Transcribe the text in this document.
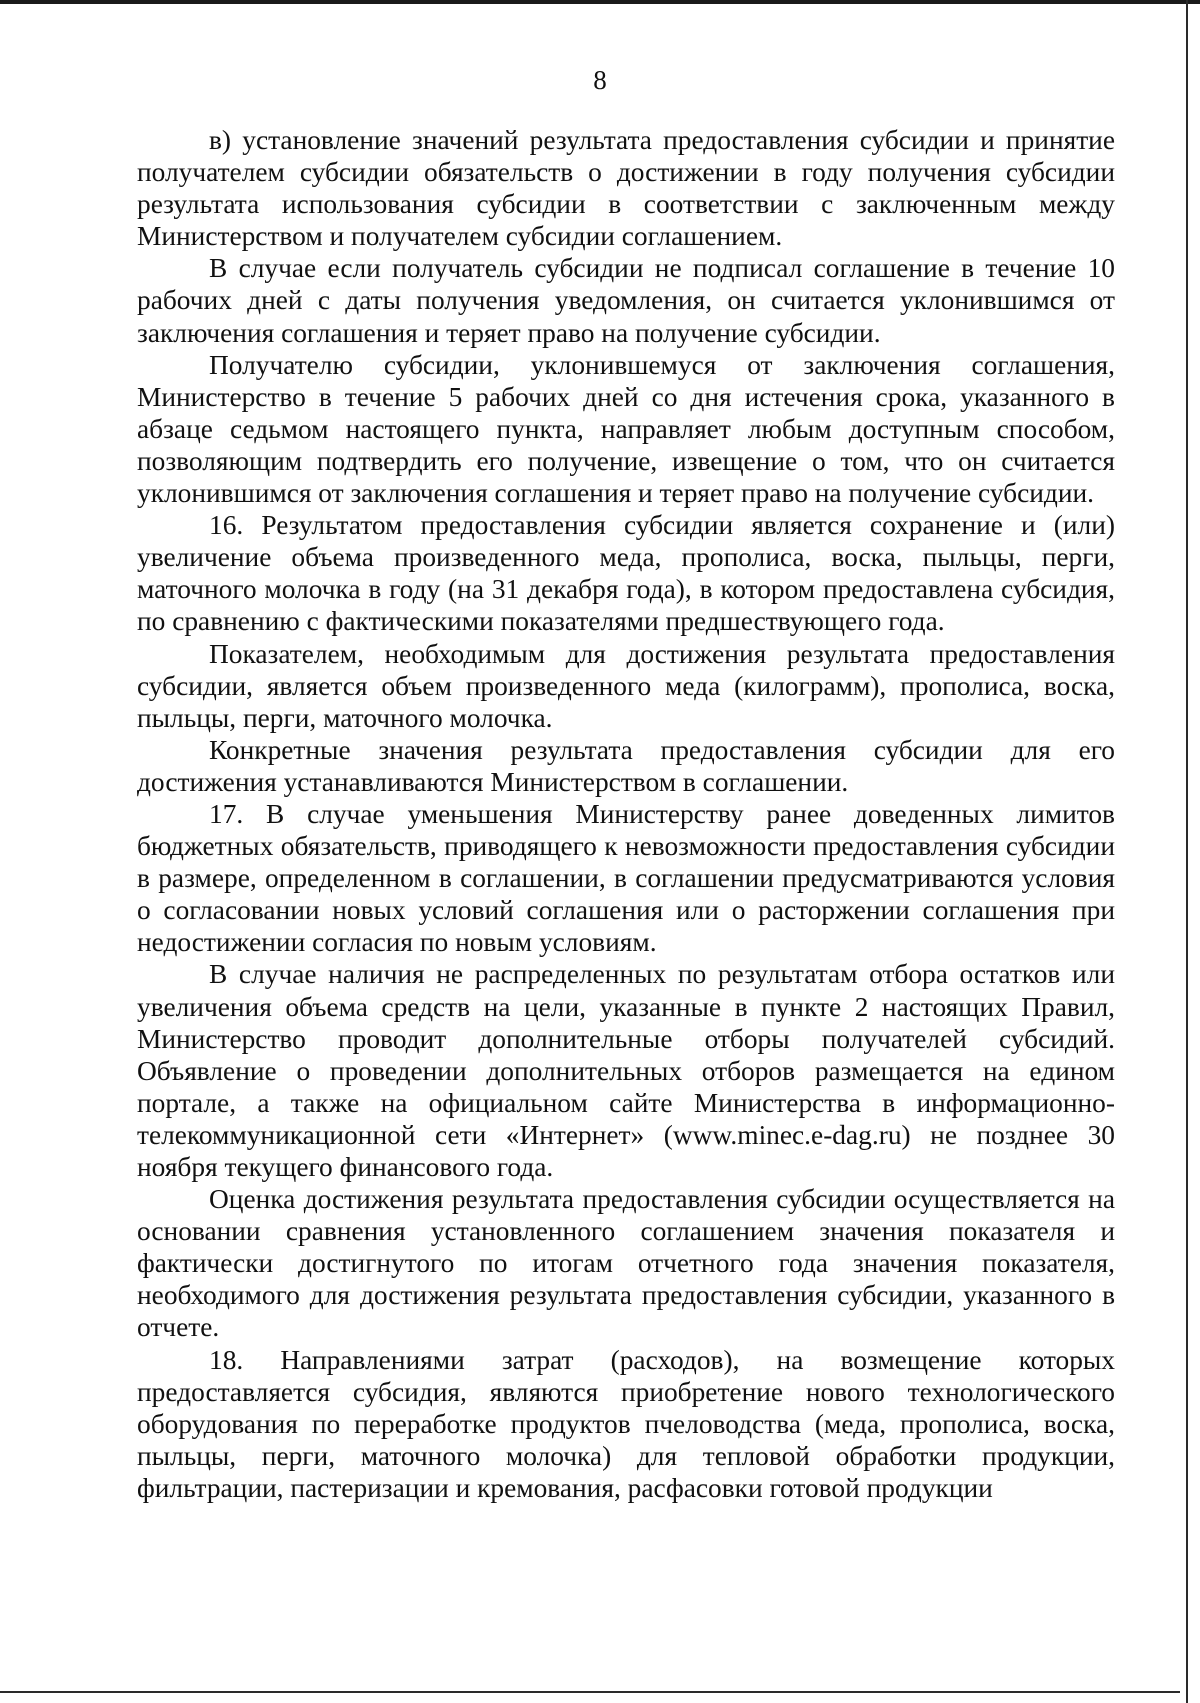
8

в) установление значений результата предоставления субсидии и принятие получателем субсидии обязательств о достижении в году получения субсидии результата использования субсидии в соответствии с заключенным между Министерством и получателем субсидии соглашением.

В случае если получатель субсидии не подписал соглашение в течение 10 рабочих дней с даты получения уведомления, он считается уклонившимся от заключения соглашения и теряет право на получение субсидии.

Получателю субсидии, уклонившемуся от заключения соглашения, Министерство в течение 5 рабочих дней со дня истечения срока, указанного в абзаце седьмом настоящего пункта, направляет любым доступным способом, позволяющим подтвердить его получение, извещение о том, что он считается уклонившимся от заключения соглашения и теряет право на получение субсидии.

16. Результатом предоставления субсидии является сохранение и (или) увеличение объема произведенного меда, прополиса, воска, пыльцы, перги, маточного молочка в году (на 31 декабря года), в котором предоставлена субсидия, по сравнению с фактическими показателями предшествующего года.

Показателем, необходимым для достижения результата предоставления субсидии, является объем произведенного меда (килограмм), прополиса, воска, пыльцы, перги, маточного молочка.

Конкретные значения результата предоставления субсидии для его достижения устанавливаются Министерством в соглашении.

17. В случае уменьшения Министерству ранее доведенных лимитов бюджетных обязательств, приводящего к невозможности предоставления субсидии в размере, определенном в соглашении, в соглашении предусматриваются условия о согласовании новых условий соглашения или о расторжении соглашения при недостижении согласия по новым условиям.

В случае наличия не распределенных по результатам отбора остатков или увеличения объема средств на цели, указанные в пункте 2 настоящих Правил, Министерство проводит дополнительные отборы получателей субсидий. Объявление о проведении дополнительных отборов размещается на едином портале, а также на официальном сайте Министерства в информационно-телекоммуникационной сети «Интернет» (www.minec.e-dag.ru) не позднее 30 ноября текущего финансового года.

Оценка достижения результата предоставления субсидии осуществляется на основании сравнения установленного соглашением значения показателя и фактически достигнутого по итогам отчетного года значения показателя, необходимого для достижения результата предоставления субсидии, указанного в отчете.

18. Направлениями затрат (расходов), на возмещение которых предоставляется субсидия, являются приобретение нового технологического оборудования по переработке продуктов пчеловодства (меда, прополиса, воска, пыльцы, перги, маточного молочка) для тепловой обработки продукции, фильтрации, пастеризации и кремования, расфасовки готовой продукции
